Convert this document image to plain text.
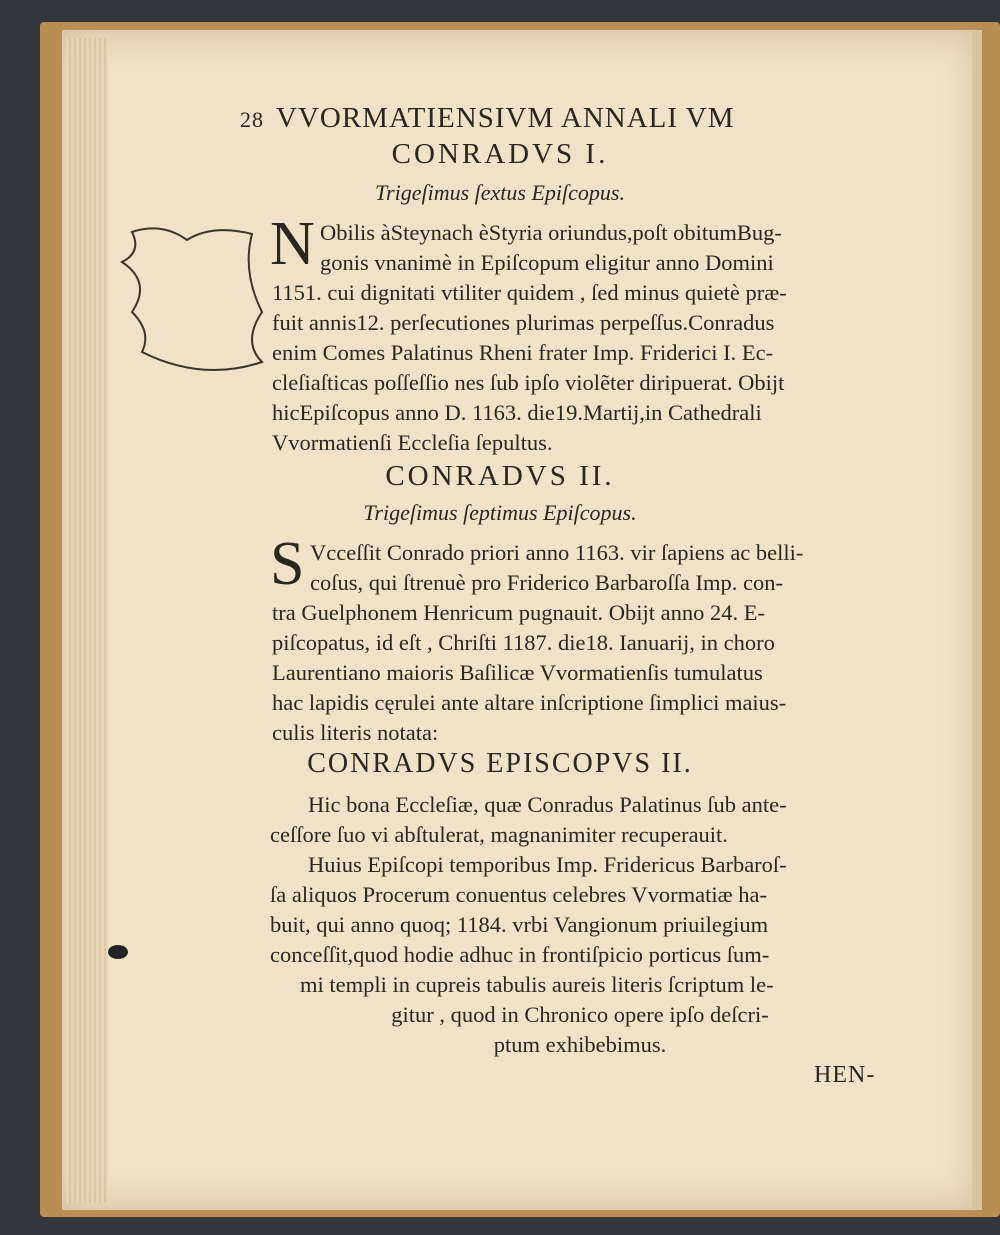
28 VVORMATIENSIVM ANNALI VM
CONRADVS I.
Trigeſimus ſextus Epiſcopus.
N Obilis àSteynach èStyria oriundus,poſt obitumBug-
gonis vnanimè in Epiſcopum eligitur anno Domini
1151. cui dignitati vtiliter quidem , ſed minus quietè præ-
fuit annis12. perſecutiones plurimas perpeſſus.Conradus
enim Comes Palatinus Rheni frater Imp. Friderici I. Ec-
cleſiaſticas poſſeſſio nes ſub ipſo violẽter diripuerat. Obijt
hicEpiſcopus anno D. 1163. die19.Martij,in Cathedrali
Vvormatienſi Eccleſia ſepultus.
CONRADVS II.
Trigeſimus ſeptimus Epiſcopus.
S Vcceſſit Conrado priori anno 1163. vir ſapiens ac belli-
coſus, qui ſtrenuè pro Friderico Barbaroſſa Imp. con-
tra Guelphonem Henricum pugnauit. Obijt anno 24. E-
piſcopatus, id eſt , Chriſti 1187. die18. Ianuarij, in choro
Laurentiano maioris Baſilicæ Vvormatienſis tumulatus
hac lapidis cęrulei ante altare inſcriptione ſimplici maius-
culis literis notata:
CONRADVS EPISCOPVS II.
Hic bona Eccleſiæ, quæ Conradus Palatinus ſub ante-
ceſſore ſuo vi abſtulerat, magnanimiter recuperauit.
Huius Epiſcopi temporibus Imp. Fridericus Barbaroſ-
ſa aliquos Procerum conuentus celebres Vvormatiæ ha-
buit, qui anno quoq; 1184. vrbi Vangionum priuilegium
conceſſit,quod hodie adhuc in frontiſpicio porticus ſum-
mi templi in cupreis tabulis aureis literis ſcriptum le-
gitur , quod in Chronico opere ipſo deſcri-
ptum exhibebimus.
HEN-
